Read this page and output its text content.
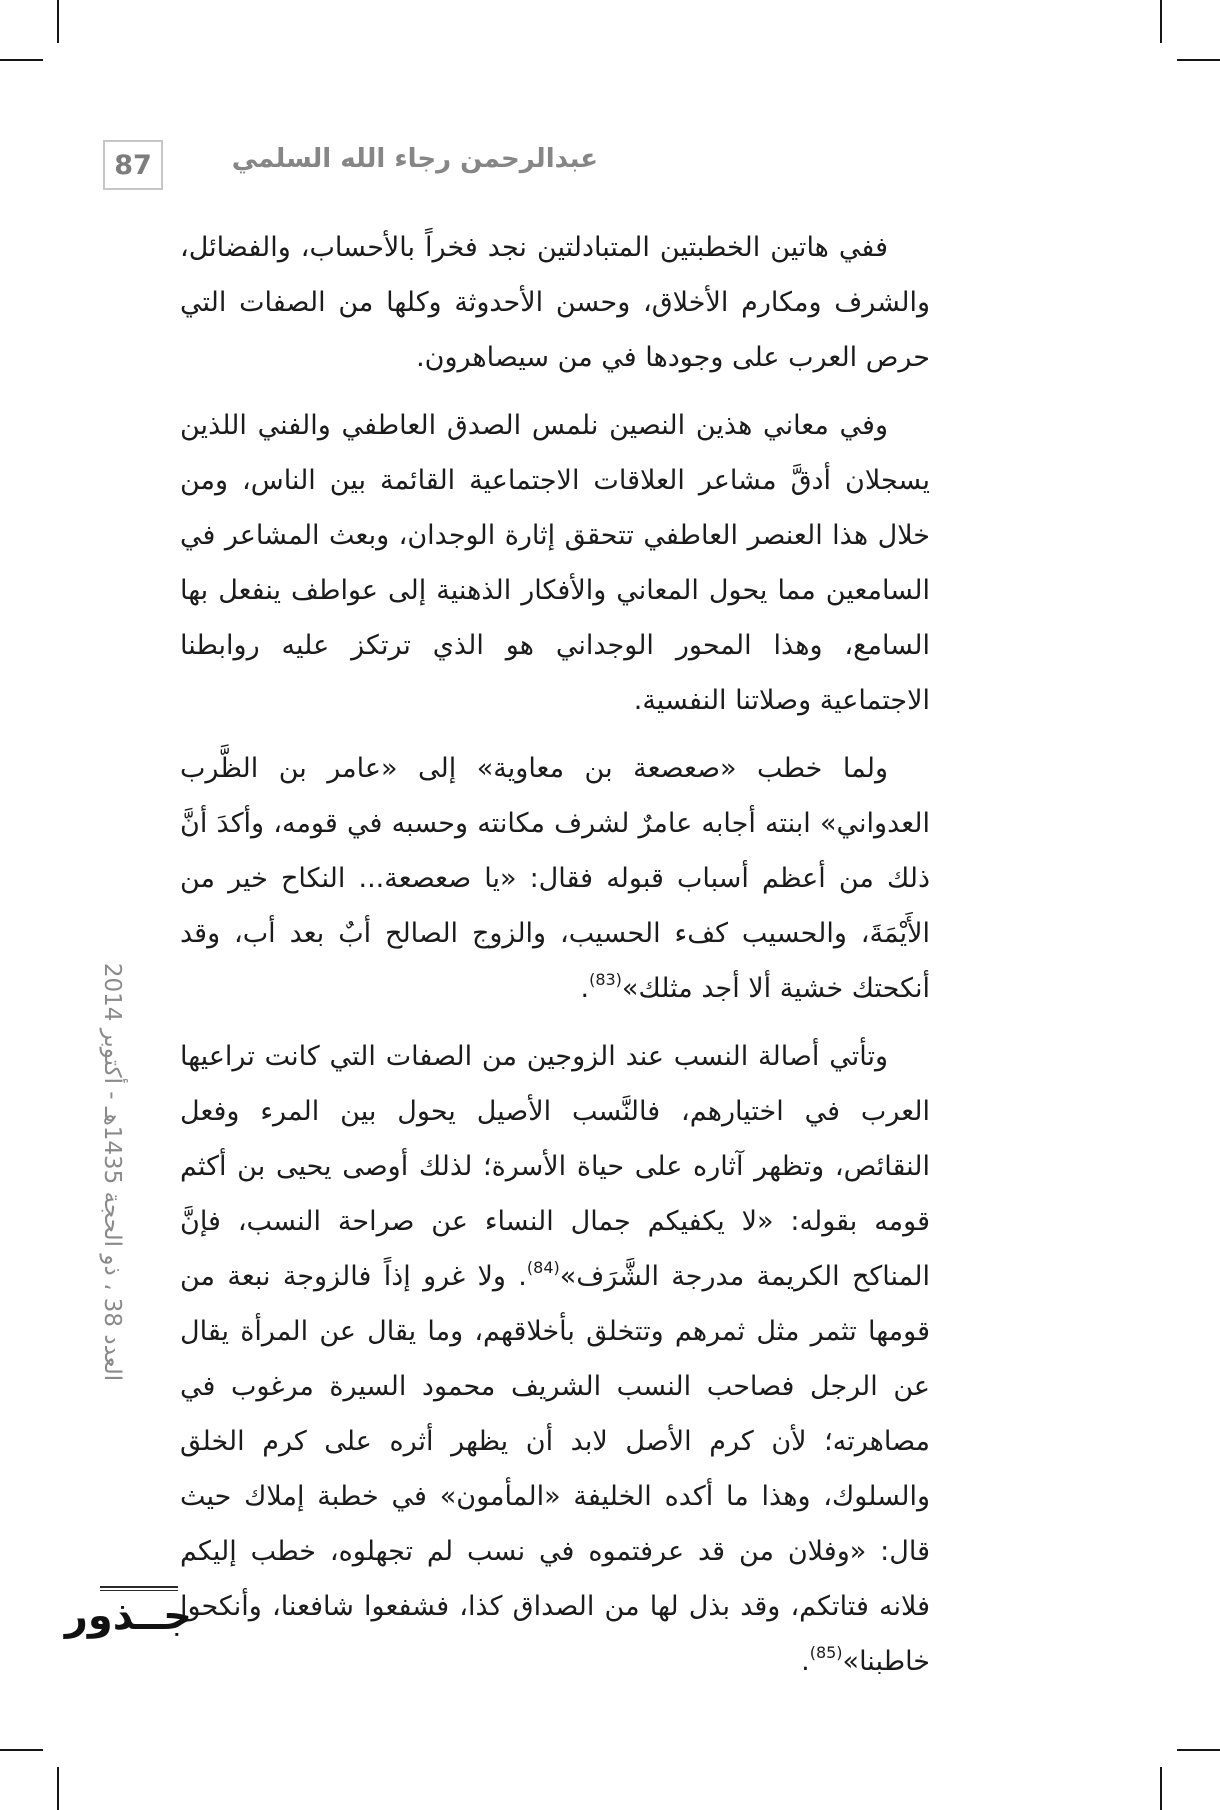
87	عبدالرحمن رجاء الله السلمي

ففي هاتين الخطبتين المتبادلتين نجد فخراً بالأحساب، والفضائل، والشرف ومكارم الأخلاق، وحسن الأحدوثة وكلها من الصفات التي حرص العرب على وجودها في من سيصاهرون.

وفي معاني هذين النصين نلمس الصدق العاطفي والفني اللذين يسجلان أدقَّ مشاعر العلاقات الاجتماعية القائمة بين الناس، ومن خلال هذا العنصر العاطفي تتحقق إثارة الوجدان، وبعث المشاعر في السامعين مما يحول المعاني والأفكار الذهنية إلى عواطف ينفعل بها السامع، وهذا المحور الوجداني هو الذي ترتكز عليه روابطنا الاجتماعية وصلاتنا النفسية.

ولما خطب «صعصعة بن معاوية» إلى «عامر بن الظَّرب العدواني» ابنته أجابه عامرٌ لشرف مكانته وحسبه في قومه، وأكدَ أنَّ ذلك من أعظم أسباب قبوله فقال: «يا صعصعة... النكاح خير من الأَيْمَةَ، والحسيب كفء الحسيب، والزوج الصالح أبٌ بعد أب، وقد أنكحتك خشية ألا أجد مثلك»$^{(83)}$.

وتأتي أصالة النسب عند الزوجين من الصفات التي كانت تراعيها العرب في اختيارهم، فالنَّسب الأصيل يحول بين المرء وفعل النقائص، وتظهر آثاره على حياة الأسرة؛ لذلك أوصى يحيى بن أكثم قومه بقوله: «لا يكفيكم جمال النساء عن صراحة النسب، فإنَّ المناكح الكريمة مدرجة الشَّرَف»$^{(84)}$. ولا غرو إذاً فالزوجة نبعة من قومها تثمر مثل ثمرهم وتتخلق بأخلاقهم، وما يقال عن المرأة يقال عن الرجل فصاحب النسب الشريف محمود السيرة مرغوب في مصاهرته؛ لأن كرم الأصل لابد أن يظهر أثره على كرم الخلق والسلوك، وهذا ما أكده الخليفة «المأمون» في خطبة إملاك حيث قال: «وفلان من قد عرفتموه في نسب لم تجهلوه، خطب إليكم فلانه فتاتكم، وقد بذل لها من الصداق كذا، فشفعوا شافعنا، وأنكحوا خاطبنا»$^{(85)}$.

العدد 38 ، ذو الحجة 1435هـ - أكتوبر 2014
جــذور
